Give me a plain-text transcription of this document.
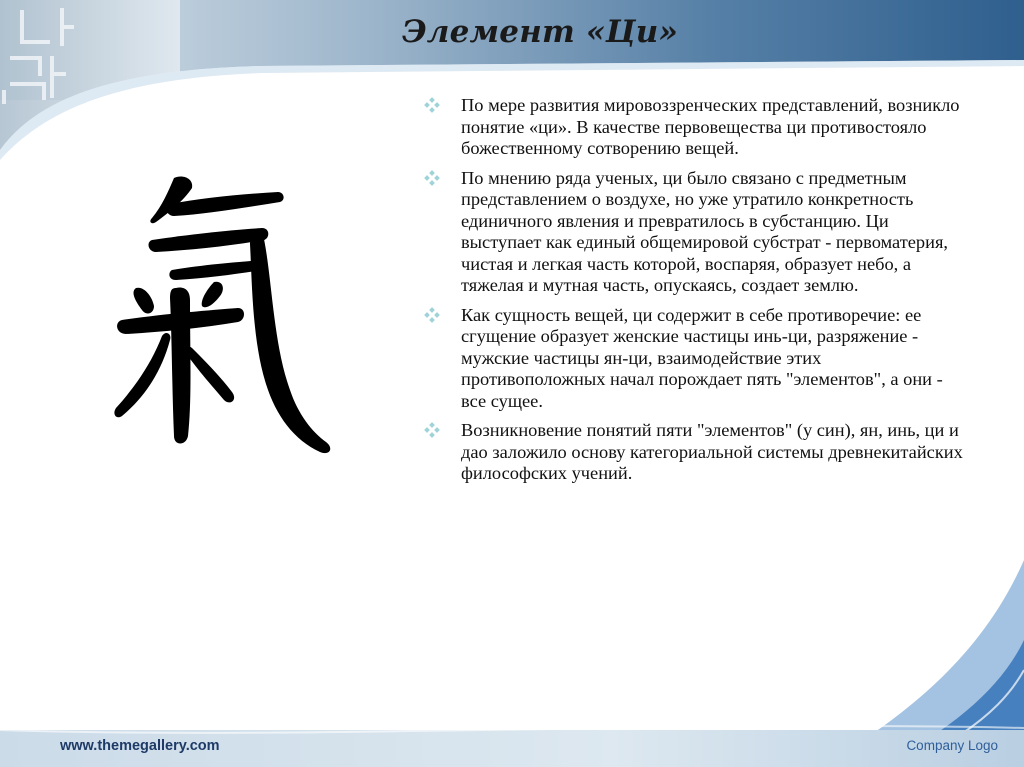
Элемент «Ци»
По мере развития мировоззренческих представлений, возникло понятие «ци». В качестве первовещества ци противостояло божественному сотворению вещей.
По мнению ряда ученых, ци было связано с предметным представлением о воздухе, но уже утратило конкретность единичного явления и превратилось в субстанцию. Ци выступает как единый общемировой субстрат - первоматерия, чистая и легкая часть которой, воспаряя, образует небо, а тяжелая и мутная часть, опускаясь, создает землю.
Как сущность вещей, ци содержит в себе противоречие: ее сгущение образует женские частицы инь-ци, разряжение - мужские частицы ян-ци, взаимодействие этих противоположных начал порождает пять "элементов", а они - все сущее.
Возникновение понятий пяти "элементов" (у син), ян, инь, ци и дао заложило основу категориальной системы древнекитайских философских учений.
www.themegallery.com	Company Logo
